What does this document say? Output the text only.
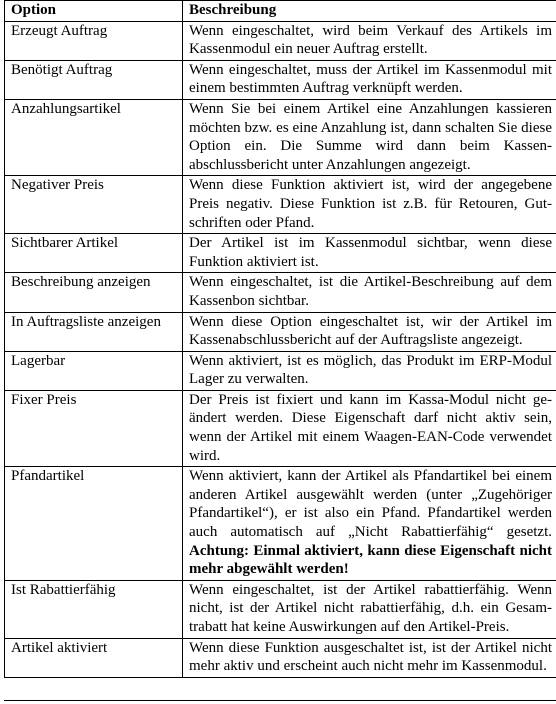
Option	Beschreibung
Erzeugt Auftrag	Wenn eingeschaltet, wird beim Verkauf des Artikels im Kassenmodul ein neuer Auftrag erstellt.
Benötigt Auftrag	Wenn eingeschaltet, muss der Artikel im Kassenmodul mit einem bestimmten Auftrag verknüpft werden.
Anzahlungsartikel	Wenn Sie bei einem Artikel eine Anzahlungen kassieren möchten bzw. es eine Anzahlung ist, dann schalten Sie diese Option ein. Die Summe wird dann beim Kassenabschlussbericht unter Anzahlungen angezeigt.
Negativer Preis	Wenn diese Funktion aktiviert ist, wird der angegebene Preis negativ. Diese Funktion ist z.B. für Retouren, Gutschriften oder Pfand.
Sichtbarer Artikel	Der Artikel ist im Kassenmodul sichtbar, wenn diese Funktion aktiviert ist.
Beschreibung anzeigen	Wenn eingeschaltet, ist die Artikel-Beschreibung auf dem Kassenbon sichtbar.
In Auftragsliste anzeigen	Wenn diese Option eingeschaltet ist, wir der Artikel im Kassenabschlussbericht auf der Auftragsliste angezeigt.
Lagerbar	Wenn aktiviert, ist es möglich, das Produkt im ERP-Modul Lager zu verwalten.
Fixer Preis	Der Preis ist fixiert und kann im Kassa-Modul nicht geändert werden. Diese Eigenschaft darf nicht aktiv sein, wenn der Artikel mit einem Waagen-EAN-Code verwendet wird.
Pfandartikel	Wenn aktiviert, kann der Artikel als Pfandartikel bei einem anderen Artikel ausgewählt werden (unter „Zugehöriger Pfandartikel“), er ist also ein Pfand. Pfandartikel werden auch automatisch auf „Nicht Rabattierfähig“ gesetzt. Achtung: Einmal aktiviert, kann diese Eigenschaft nicht mehr abgewählt werden!
Ist Rabattierfähig	Wenn eingeschaltet, ist der Artikel rabattierfähig. Wenn nicht, ist der Artikel nicht rabattierfähig, d.h. ein Gesamtrabatt hat keine Auswirkungen auf den Artikel-Preis.
Artikel aktiviert	Wenn diese Funktion ausgeschaltet ist, ist der Artikel nicht mehr aktiv und erscheint auch nicht mehr im Kassenmodul.
